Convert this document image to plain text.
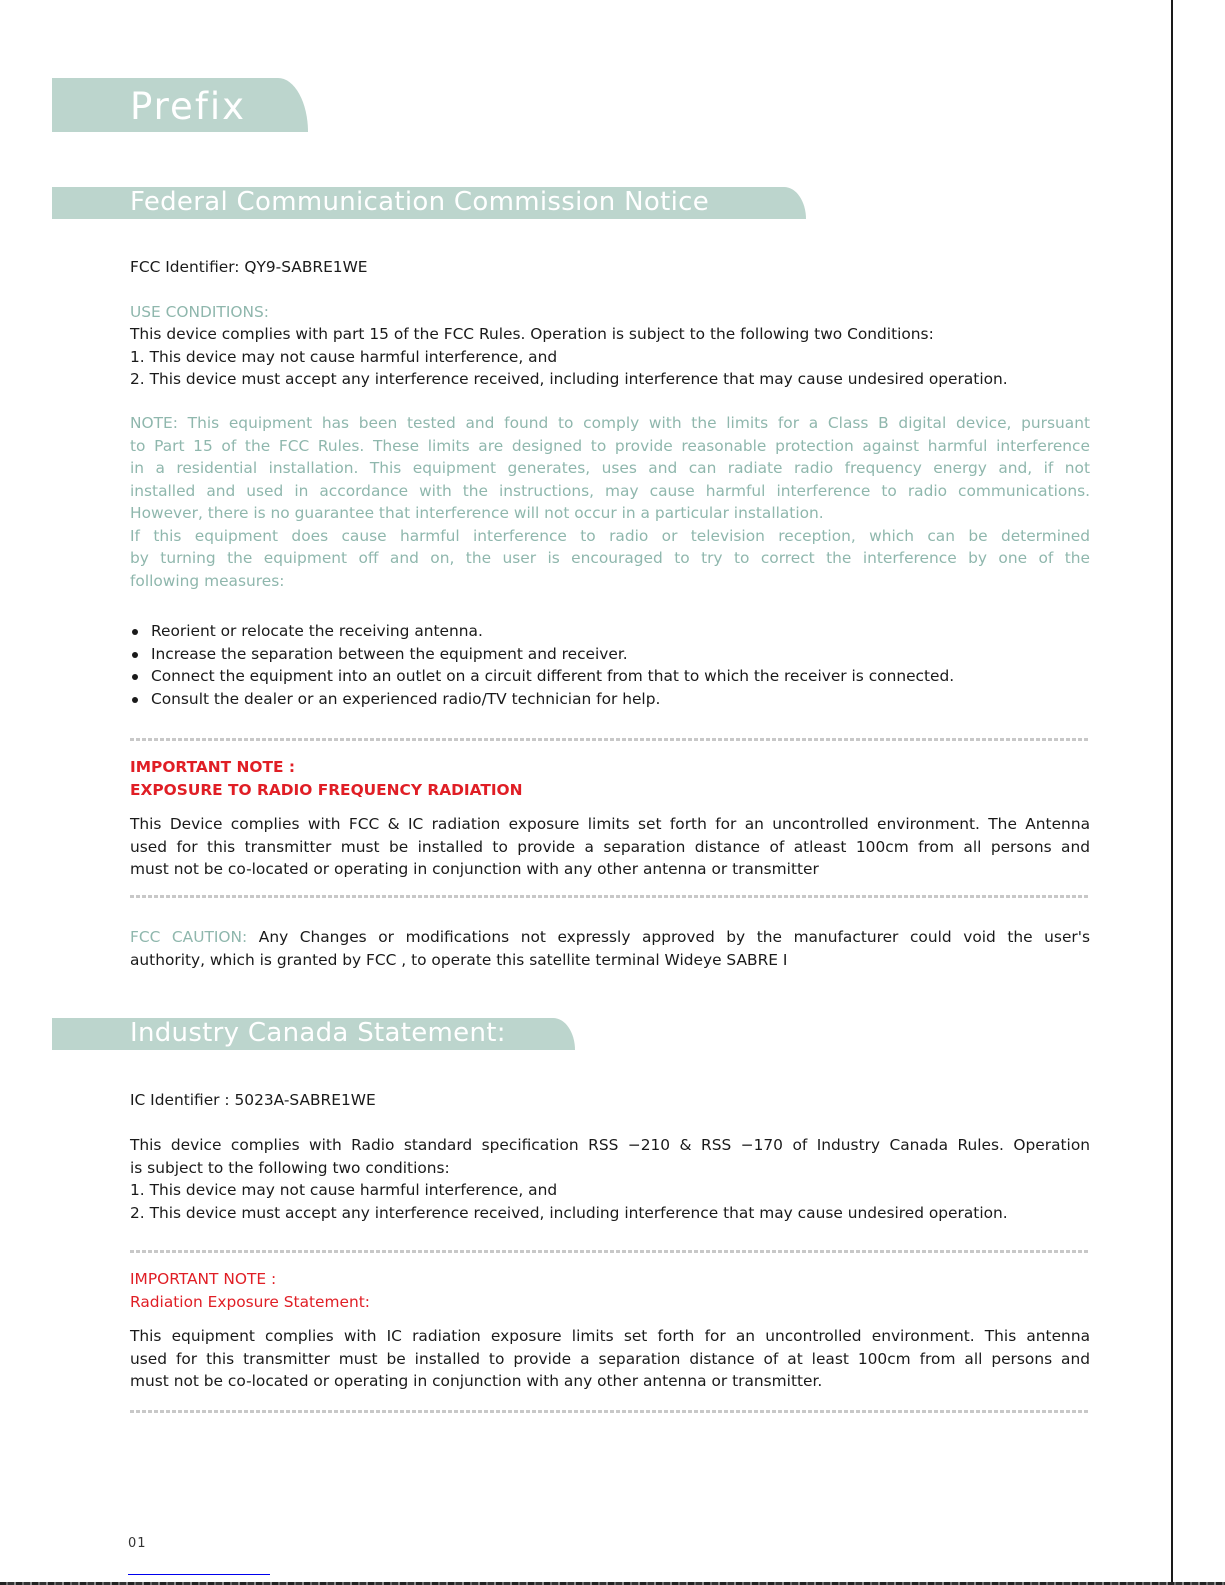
Prefix
Federal Communication Commission Notice
FCC Identifier: QY9-SABRE1WE
USE CONDITIONS:
This device complies with part 15 of the FCC Rules. Operation is subject to the following two Conditions:
1. This device may not cause harmful interference, and
2. This device must accept any interference received, including interference that may cause undesired operation.
NOTE: This equipment has been tested and found to comply with the limits for a Class B digital device, pursuant
to Part 15 of the FCC Rules. These limits are designed to provide reasonable protection against harmful interference
in a residential installation. This equipment generates, uses and can radiate radio frequency energy and, if not
installed and used in accordance with the instructions, may cause harmful interference to radio communications.
However, there is no guarantee that interference will not occur in a particular installation.
If this equipment does cause harmful interference to radio or television reception, which can be determined
by turning the equipment off and on, the user is encouraged to try to correct the interference by one of the
following measures:
Reorient or relocate the receiving antenna.
Increase the separation between the equipment and receiver.
Connect the equipment into an outlet on a circuit different from that to which the receiver is connected.
Consult the dealer or an experienced radio/TV technician for help.
IMPORTANT NOTE :
EXPOSURE TO RADIO FREQUENCY RADIATION
This Device complies with FCC & IC radiation exposure limits set forth for an uncontrolled environment. The Antenna
used for this transmitter must be installed to provide a separation distance of atleast 100cm from all persons and
must not be co-located or operating in conjunction with any other antenna or transmitter
FCC CAUTION: Any Changes or modifications not expressly approved by the manufacturer could void the user's
authority, which is granted by FCC , to operate this satellite terminal Wideye SABRE I
Industry Canada Statement:
IC Identifier : 5023A-SABRE1WE
This device complies with Radio standard specification RSS −210 & RSS −170 of Industry Canada Rules. Operation
is subject to the following two conditions:
1. This device may not cause harmful interference, and
2. This device must accept any interference received, including interference that may cause undesired operation.
IMPORTANT NOTE :
Radiation Exposure Statement:
This equipment complies with IC radiation exposure limits set forth for an uncontrolled environment. This antenna
used for this transmitter must be installed to provide a separation distance of at least 100cm from all persons and
must not be co-located or operating in conjunction with any other antenna or transmitter.
01
